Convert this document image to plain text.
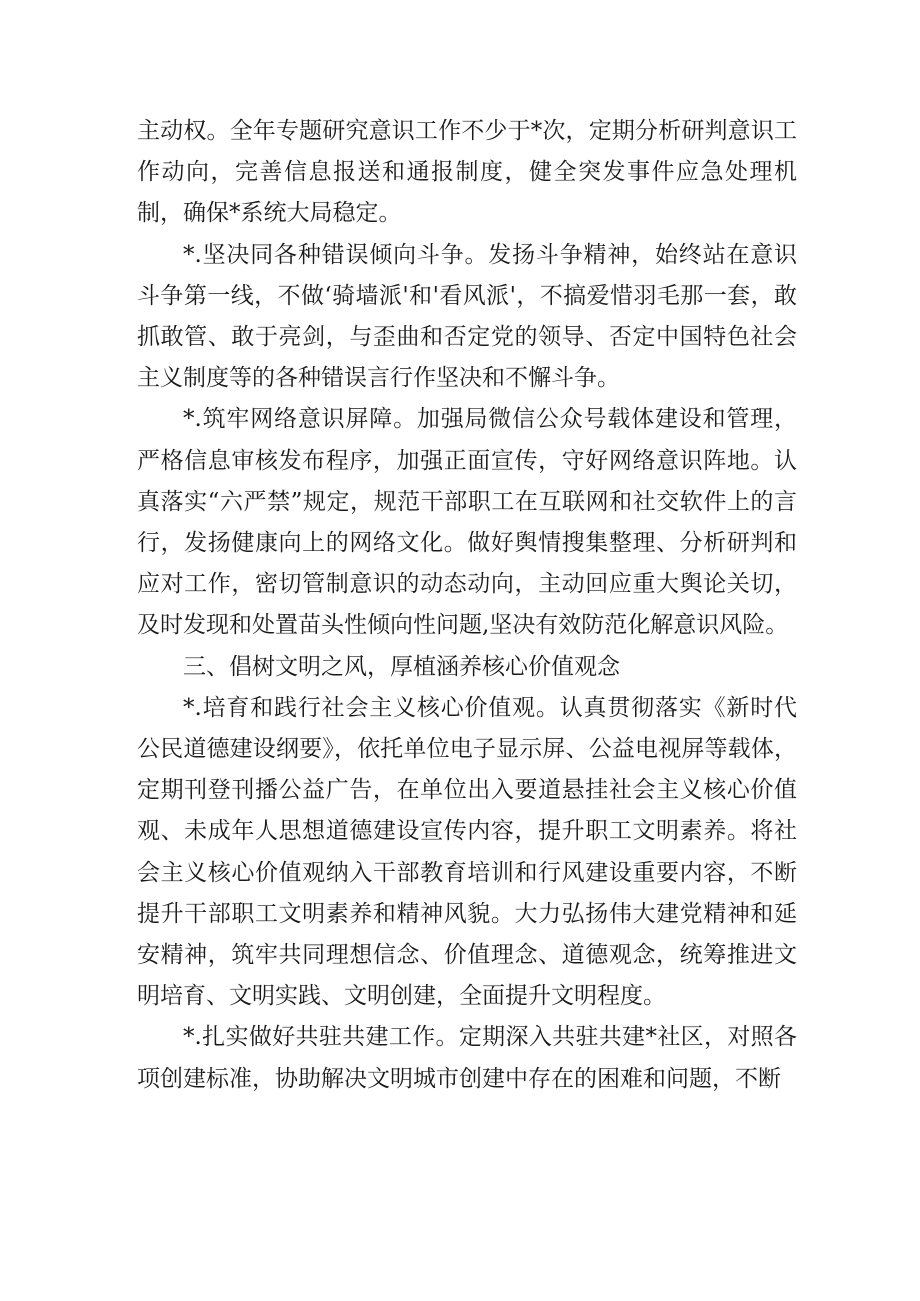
主动权。全年专题研究意识工作不少于*次，定期分析研判意识工作动向，完善信息报送和通报制度，健全突发事件应急处理机制，确保*系统大局稳定。

*.坚决同各种错误倾向斗争。发扬斗争精神，始终站在意识斗争第一线，不做‘骑墙派'和'看风派'，不搞爱惜羽毛那一套，敢抓敢管、敢于亮剑，与歪曲和否定党的领导、否定中国特色社会主义制度等的各种错误言行作坚决和不懈斗争。

*.筑牢网络意识屏障。加强局微信公众号载体建设和管理，严格信息审核发布程序，加强正面宣传，守好网络意识阵地。认真落实“六严禁”规定，规范干部职工在互联网和社交软件上的言行，发扬健康向上的网络文化。做好舆情搜集整理、分析研判和应对工作，密切管制意识的动态动向，主动回应重大舆论关切，及时发现和处置苗头性倾向性问题,坚决有效防范化解意识风险。

三、倡树文明之风，厚植涵养核心价值观念

*.培育和践行社会主义核心价值观。认真贯彻落实《新时代公民道德建设纲要》，依托单位电子显示屏、公益电视屏等载体，定期刊登刊播公益广告，在单位出入要道悬挂社会主义核心价值观、未成年人思想道德建设宣传内容，提升职工文明素养。将社会主义核心价值观纳入干部教育培训和行风建设重要内容，不断提升干部职工文明素养和精神风貌。大力弘扬伟大建党精神和延安精神，筑牢共同理想信念、价值理念、道德观念，统筹推进文明培育、文明实践、文明创建，全面提升文明程度。

*.扎实做好共驻共建工作。定期深入共驻共建*社区，对照各项创建标准，协助解决文明城市创建中存在的困难和问题，不断
